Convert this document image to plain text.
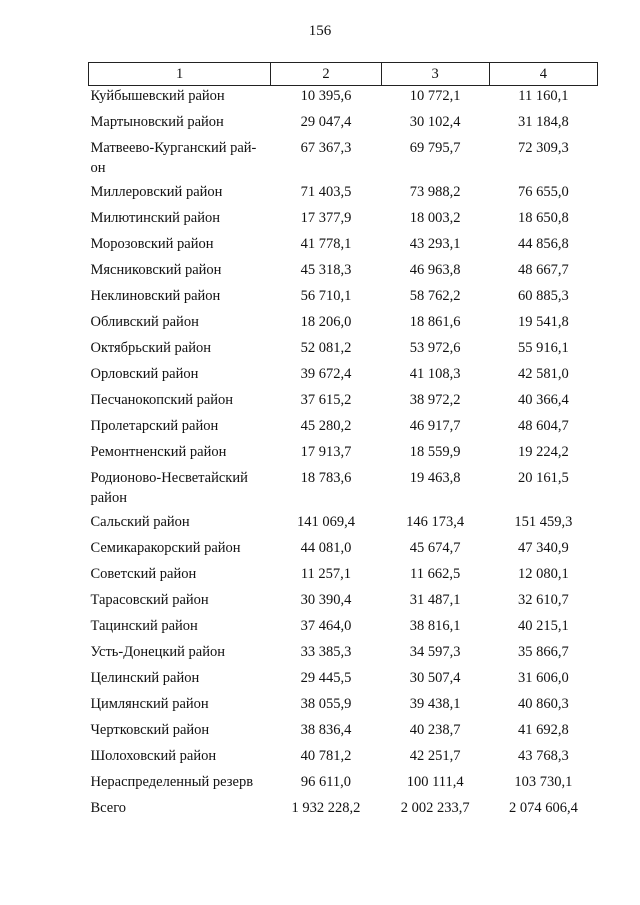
156
1	2	3	4
Куйбышевский район	10 395,6	10 772,1	11 160,1
Мартыновский район	29 047,4	30 102,4	31 184,8
Матвеево-Курганский рай-
он	67 367,3	69 795,7	72 309,3
Миллеровский район	71 403,5	73 988,2	76 655,0
Милютинский район	17 377,9	18 003,2	18 650,8
Морозовский район	41 778,1	43 293,1	44 856,8
Мясниковский район	45 318,3	46 963,8	48 667,7
Неклиновский район	56 710,1	58 762,2	60 885,3
Обливский район	18 206,0	18 861,6	19 541,8
Октябрьский район	52 081,2	53 972,6	55 916,1
Орловский район	39 672,4	41 108,3	42 581,0
Песчанокопский район	37 615,2	38 972,2	40 366,4
Пролетарский район	45 280,2	46 917,7	48 604,7
Ремонтненский район	17 913,7	18 559,9	19 224,2
Родионово-Несветайский
район	18 783,6	19 463,8	20 161,5
Сальский район	141 069,4	146 173,4	151 459,3
Семикаракорский район	44 081,0	45 674,7	47 340,9
Советский район	11 257,1	11 662,5	12 080,1
Тарасовский район	30 390,4	31 487,1	32 610,7
Тацинский район	37 464,0	38 816,1	40 215,1
Усть-Донецкий район	33 385,3	34 597,3	35 866,7
Целинский район	29 445,5	30 507,4	31 606,0
Цимлянский район	38 055,9	39 438,1	40 860,3
Чертковский район	38 836,4	40 238,7	41 692,8
Шолоховский район	40 781,2	42 251,7	43 768,3
Нераспределенный резерв	96 611,0	100 111,4	103 730,1
Всего	1 932 228,2	2 002 233,7	2 074 606,4
